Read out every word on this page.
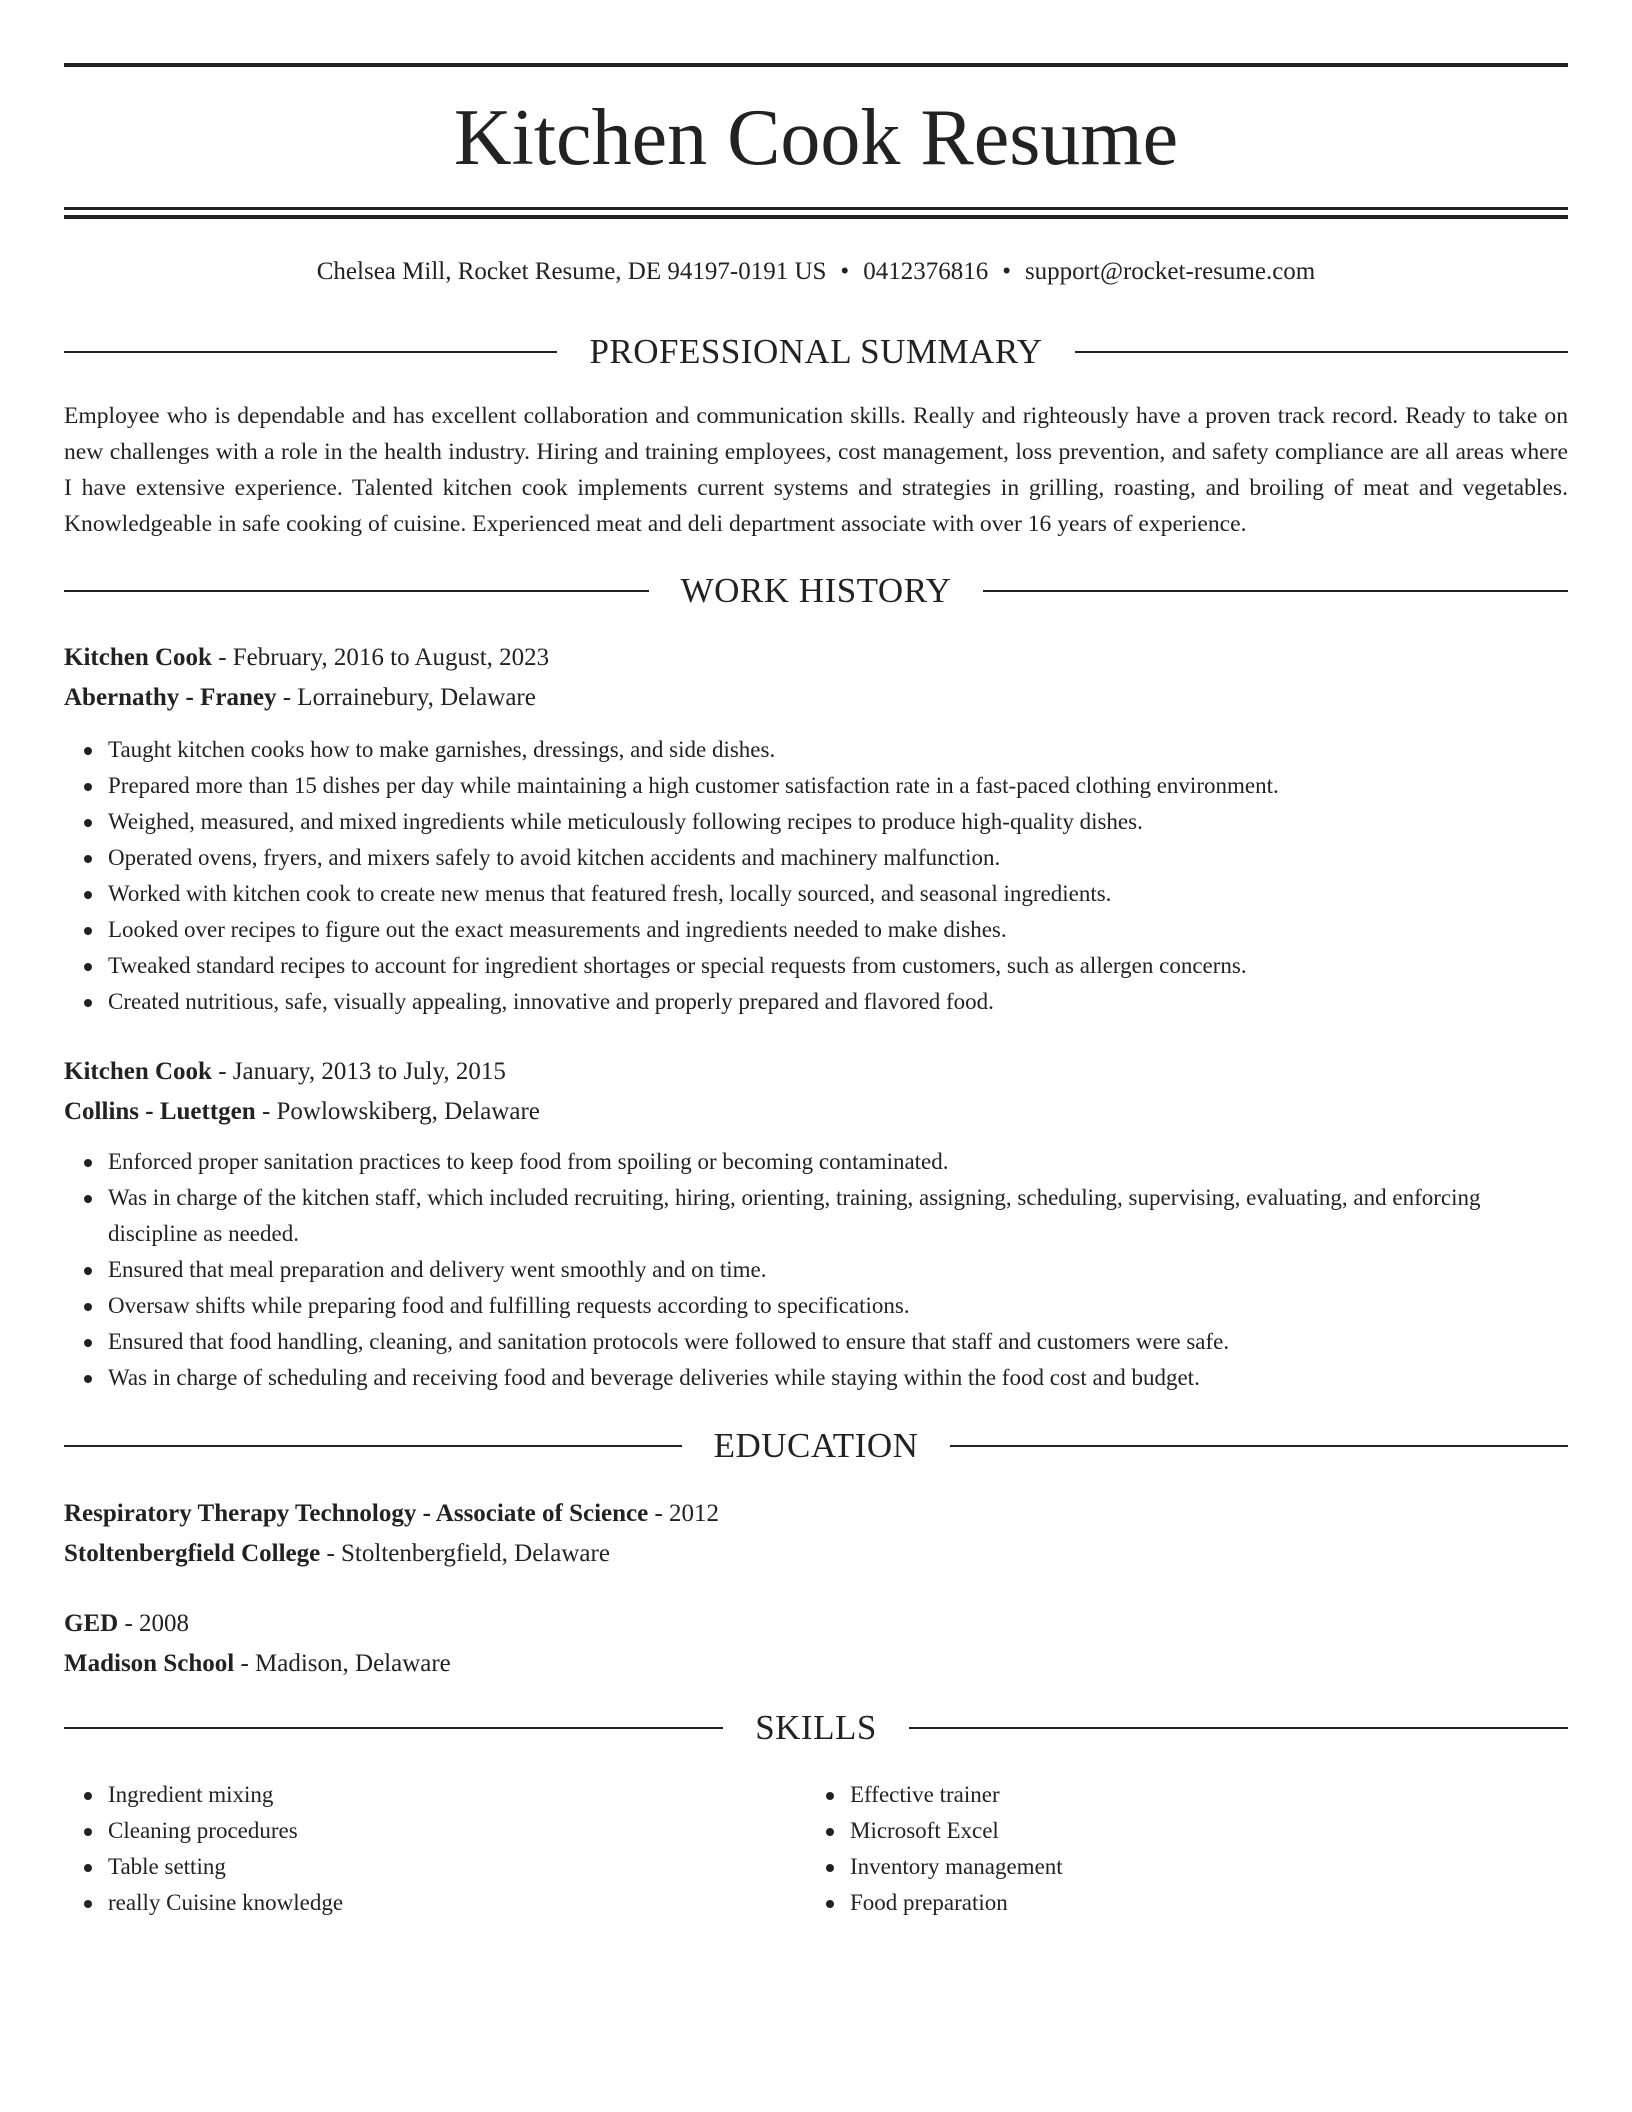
Kitchen Cook Resume
Chelsea Mill, Rocket Resume, DE 94197-0191 US • 0412376816 • support@rocket-resume.com
PROFESSIONAL SUMMARY

Employee who is dependable and has excellent collaboration and communication skills. Really and righteously have a proven track record. Ready to take on new challenges with a role in the health industry. Hiring and training employees, cost management, loss prevention, and safety compliance are all areas where I have extensive experience. Talented kitchen cook implements current systems and strategies in grilling, roasting, and broiling of meat and vegetables. Knowledgeable in safe cooking of cuisine. Experienced meat and deli department associate with over 16 years of experience.

WORK HISTORY
Kitchen Cook - February, 2016 to August, 2023
Abernathy - Franey - Lorrainebury, Delaware
Taught kitchen cooks how to make garnishes, dressings, and side dishes.
Prepared more than 15 dishes per day while maintaining a high customer satisfaction rate in a fast-paced clothing environment.
Weighed, measured, and mixed ingredients while meticulously following recipes to produce high-quality dishes.
Operated ovens, fryers, and mixers safely to avoid kitchen accidents and machinery malfunction.
Worked with kitchen cook to create new menus that featured fresh, locally sourced, and seasonal ingredients.
Looked over recipes to figure out the exact measurements and ingredients needed to make dishes.
Tweaked standard recipes to account for ingredient shortages or special requests from customers, such as allergen concerns.
Created nutritious, safe, visually appealing, innovative and properly prepared and flavored food.
Kitchen Cook - January, 2013 to July, 2015
Collins - Luettgen - Powlowskiberg, Delaware
Enforced proper sanitation practices to keep food from spoiling or becoming contaminated.
Was in charge of the kitchen staff, which included recruiting, hiring, orienting, training, assigning, scheduling, supervising, evaluating, and enforcing discipline as needed.
Ensured that meal preparation and delivery went smoothly and on time.
Oversaw shifts while preparing food and fulfilling requests according to specifications.
Ensured that food handling, cleaning, and sanitation protocols were followed to ensure that staff and customers were safe.
Was in charge of scheduling and receiving food and beverage deliveries while staying within the food cost and budget.
EDUCATION
Respiratory Therapy Technology - Associate of Science - 2012
Stoltenbergfield College - Stoltenbergfield, Delaware
GED - 2008
Madison School - Madison, Delaware
SKILLS
Ingredient mixing
Cleaning procedures
Table setting
really Cuisine knowledge
Effective trainer
Microsoft Excel
Inventory management
Food preparation
